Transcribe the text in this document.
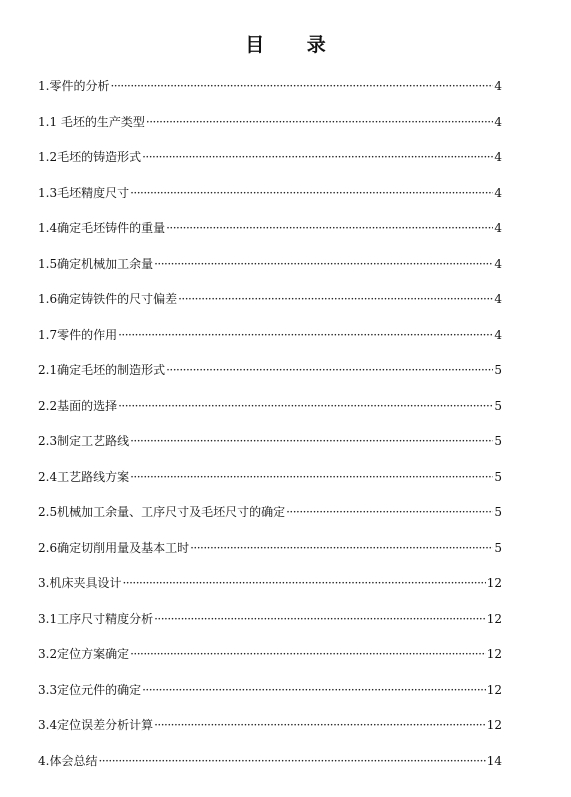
目 录
1.零件的分析 ·····	4
1.1 毛坯的生产类型 ·····	4
1.2毛坯的铸造形式 ·····	4
1.3毛坯精度尺寸 ·····	4
1.4确定毛坯铸件的重量 ·····	4
1.5确定机械加工余量 ·····	4
1.6确定铸铁件的尺寸偏差 ·····	4
1.7零件的作用 ·····	4
2.1确定毛坯的制造形式 ·····	5
2.2基面的选择 ·····	5
2.3制定工艺路线 ·····	5
2.4工艺路线方案 ·····	5
2.5机械加工余量、工序尺寸及毛坯尺寸的确定 ·····	5
2.6确定切削用量及基本工时 ·····	5
3.机床夹具设计 ·····	12
3.1工序尺寸精度分析 ·····	12
3.2定位方案确定 ·····	12
3.3定位元件的确定 ·····	12
3.4定位误差分析计算 ·····	12
4.体会总结 ·····	14
